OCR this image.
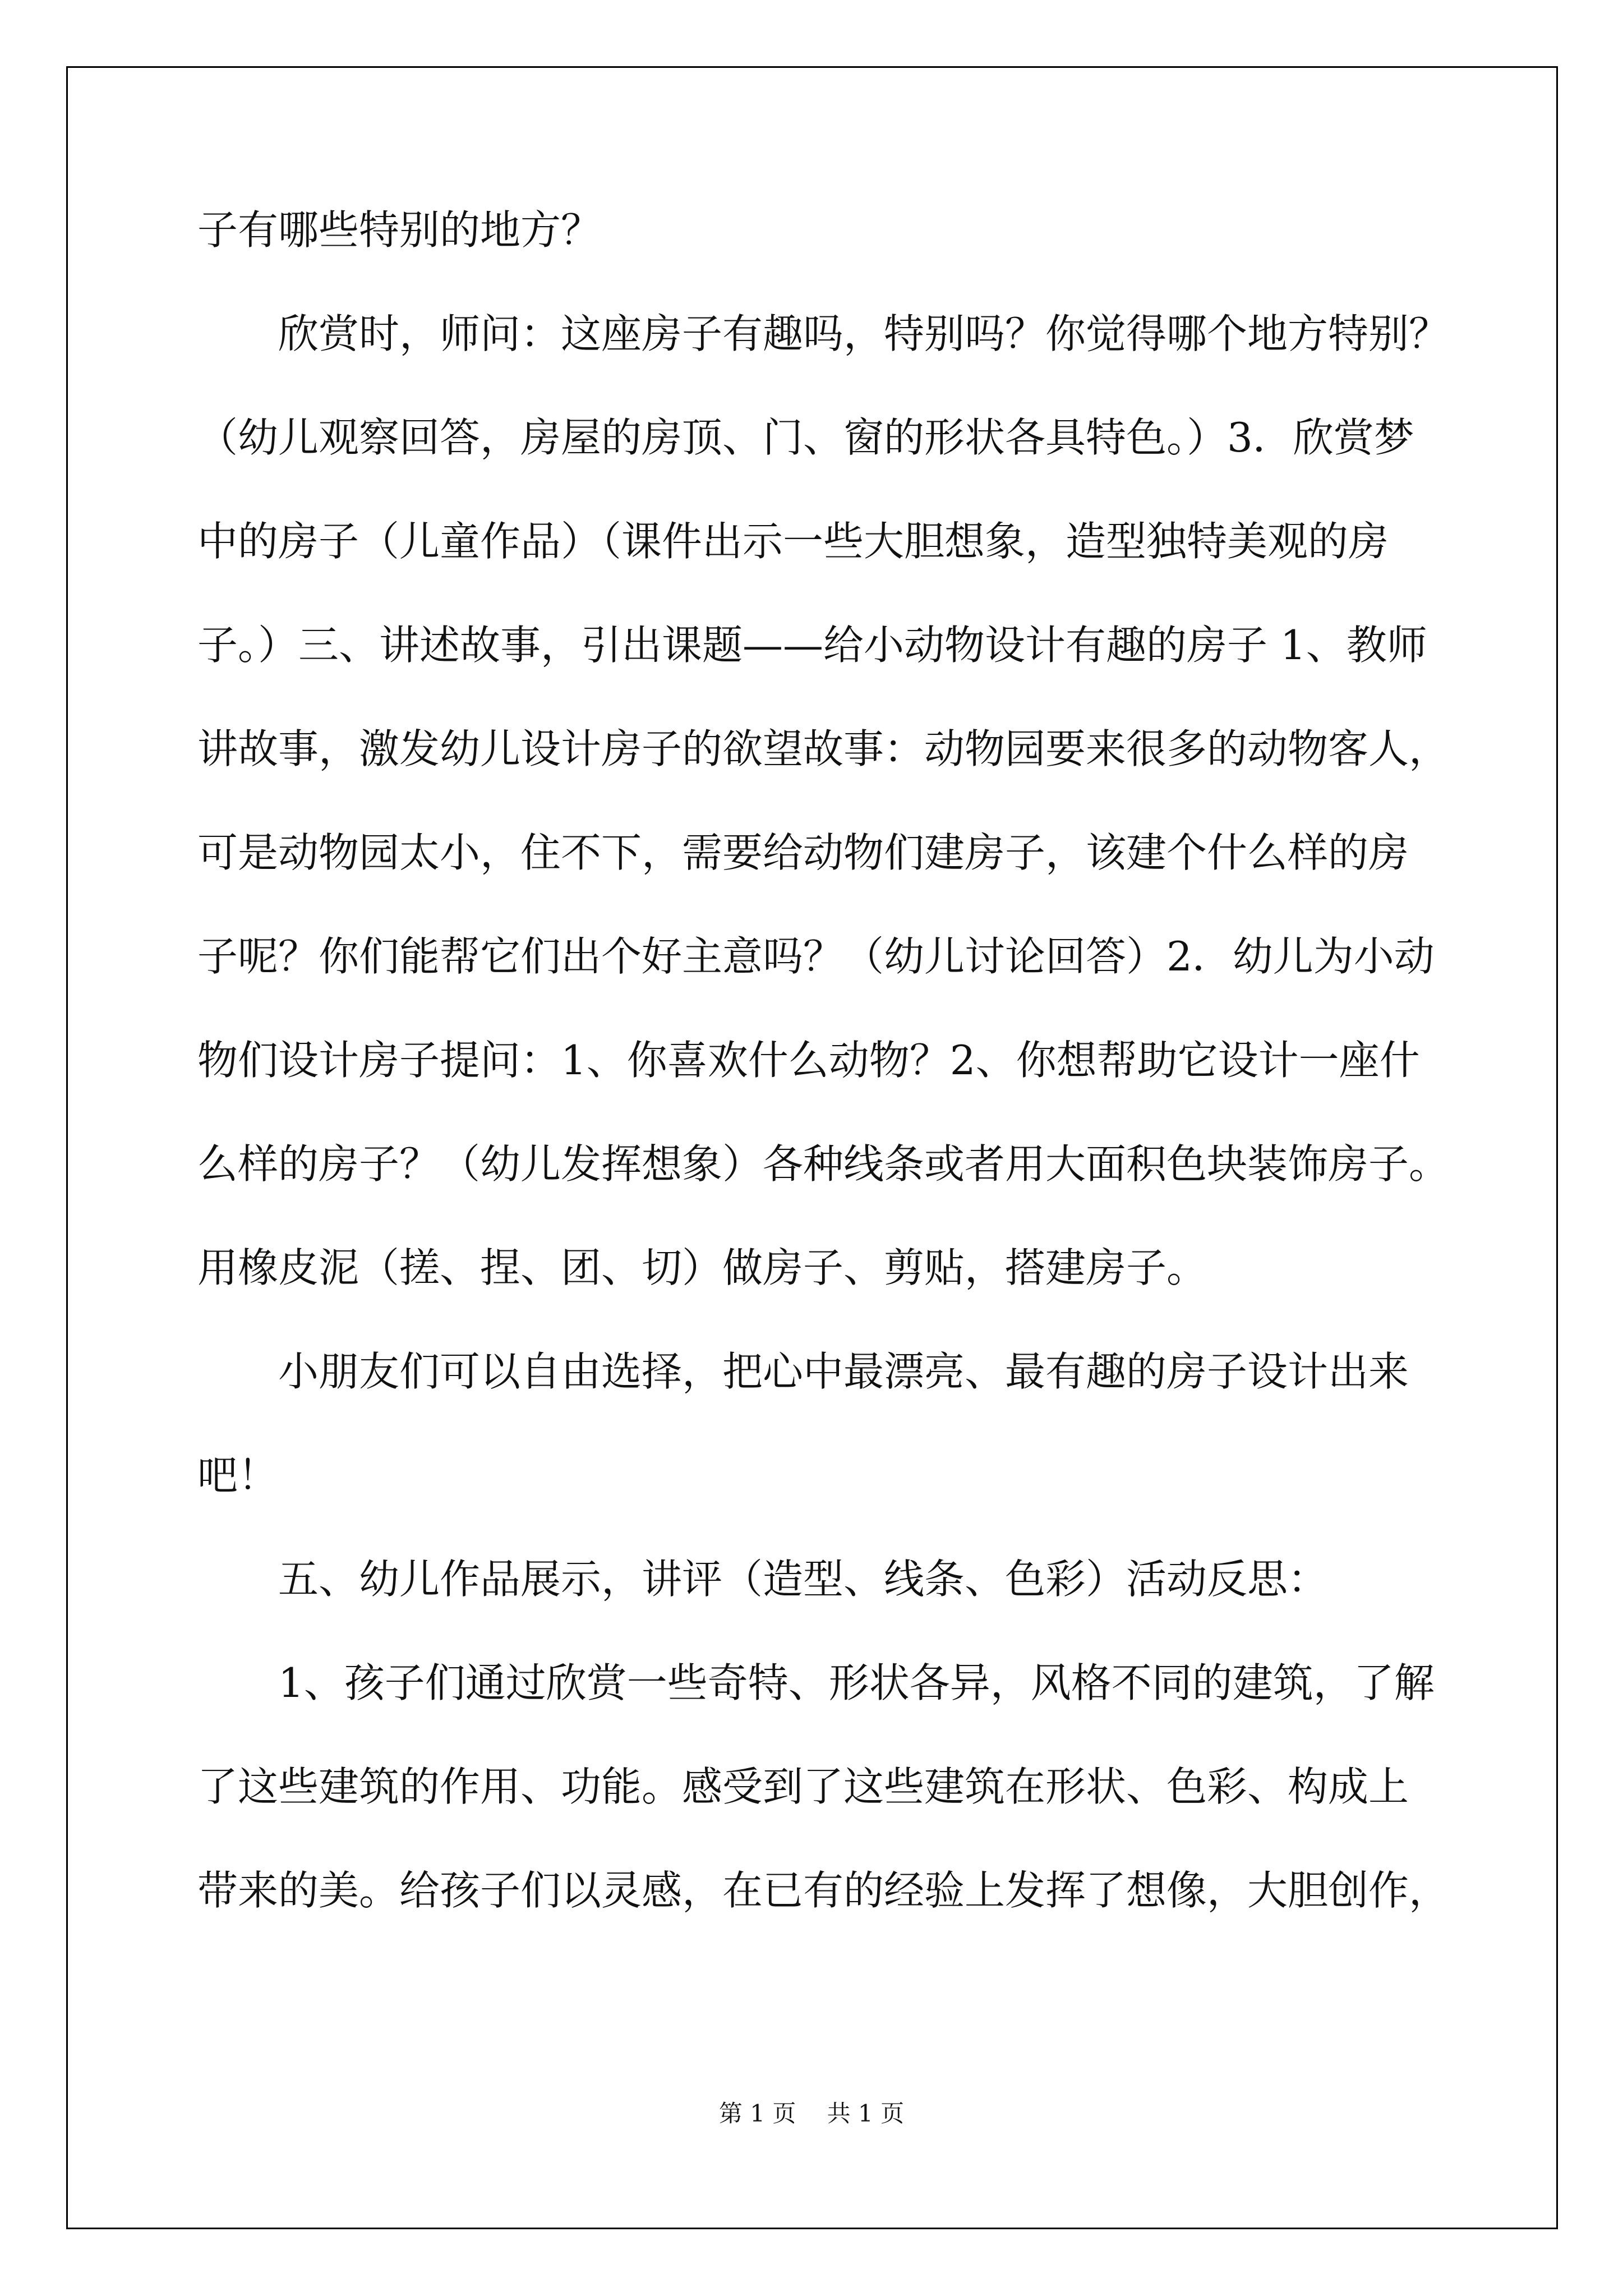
子有哪些特别的地方？
　　欣赏时，师问：这座房子有趣吗，特别吗？你觉得哪个地方特别？
（幼儿观察回答，房屋的房顶、门、窗的形状各具特色。）3．欣赏梦
中的房子（儿童作品）（课件出示一些大胆想象，造型独特美观的房
子。）三、讲述故事，引出课题——给小动物设计有趣的房子 1、教师
讲故事，激发幼儿设计房子的欲望故事：动物园要来很多的动物客人，
可是动物园太小，住不下，需要给动物们建房子，该建个什么样的房
子呢？你们能帮它们出个好主意吗？（幼儿讨论回答）2．幼儿为小动
物们设计房子提问：1、你喜欢什么动物？2、你想帮助它设计一座什
么样的房子？（幼儿发挥想象）各种线条或者用大面积色块装饰房子。
用橡皮泥（搓、捏、团、切）做房子、剪贴，搭建房子。
　　小朋友们可以自由选择，把心中最漂亮、最有趣的房子设计出来
吧！
　　五、幼儿作品展示，讲评（造型、线条、色彩）活动反思：
　　1、孩子们通过欣赏一些奇特、形状各异，风格不同的建筑，了解
了这些建筑的作用、功能。感受到了这些建筑在形状、色彩、构成上
带来的美。给孩子们以灵感，在已有的经验上发挥了想像，大胆创作，
第 1 页　 共 1 页
